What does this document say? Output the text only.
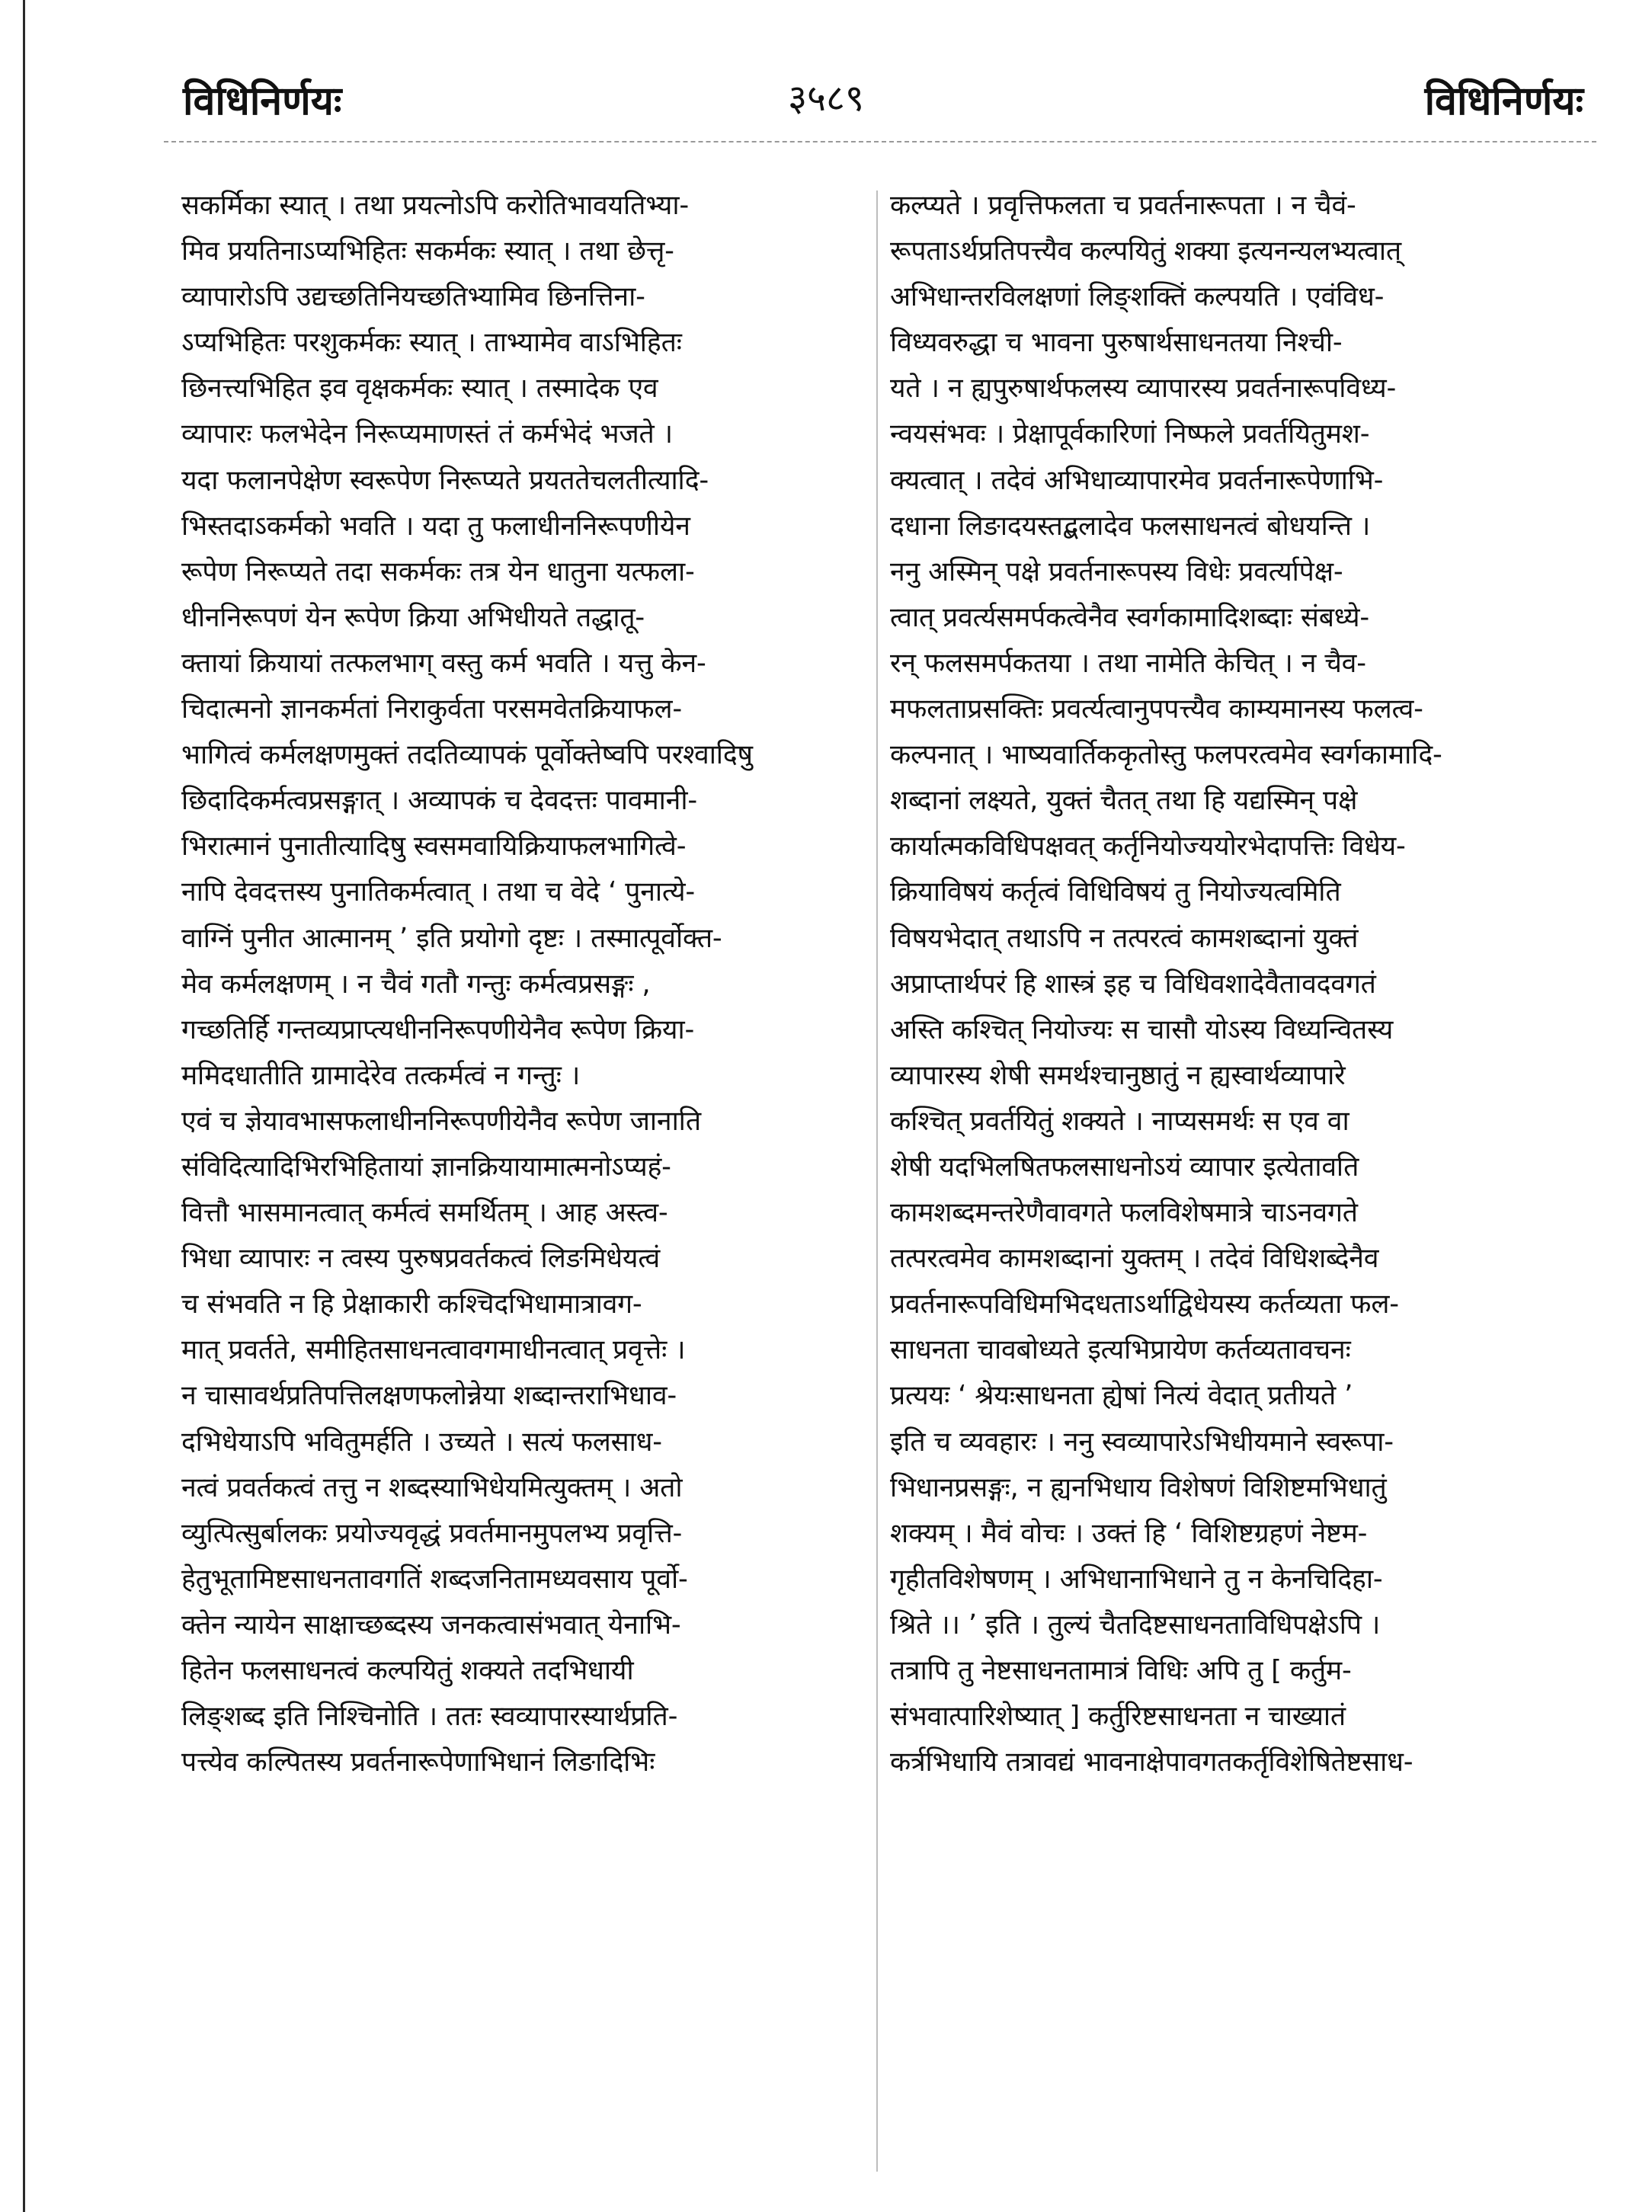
विधिनिर्णयः	३५८९	विधिनिर्णयः
सकर्मिका स्यात् । तथा प्रयत्नोऽपि करोतिभावयतिभ्या-
मिव प्रयतिनाऽप्यभिहितः सकर्मकः स्यात् । तथा छेत्तृ-
व्यापारोऽपि उद्यच्छतिनियच्छतिभ्यामिव छिनत्तिना-
ऽप्यभिहितः परशुकर्मकः स्यात् । ताभ्यामेव वाऽभिहितः
छिनत्त्यभिहित इव वृक्षकर्मकः स्यात् । तस्मादेक एव
व्यापारः फलभेदेन निरूप्यमाणस्तं तं कर्मभेदं भजते ।
यदा फलानपेक्षेण स्वरूपेण निरूप्यते प्रयततेचलतीत्यादि-
भिस्तदाऽकर्मको भवति । यदा तु फलाधीननिरूपणीयेन
रूपेण निरूप्यते तदा सकर्मकः तत्र येन धातुना यत्फला-
धीननिरूपणं येन रूपेण क्रिया अभिधीयते तद्धातू-
क्तायां क्रियायां तत्फलभाग् वस्तु कर्म भवति । यत्तु केन-
चिदात्मनो ज्ञानकर्मतां निराकुर्वता परसमवेतक्रियाफल-
भागित्वं कर्मलक्षणमुक्तं तदतिव्यापकं पूर्वोक्तेष्वपि परश्वादिषु
छिदादिकर्मत्वप्रसङ्गात् । अव्यापकं च देवदत्तः पावमानी-
भिरात्मानं पुनातीत्यादिषु स्वसमवायिक्रियाफलभागित्वे-
नापि देवदत्तस्य पुनातिकर्मत्वात् । तथा च वेदे ‘ पुनात्ये-
वाग्निं पुनीत आत्मानम् ’ इति प्रयोगो दृष्टः । तस्मात्पूर्वोक्त-
मेव कर्मलक्षणम् । न चैवं गतौ गन्तुः कर्मत्वप्रसङ्गः ,
गच्छतिर्हि गन्तव्यप्राप्त्यधीननिरूपणीयेनैव रूपेण क्रिया-
ममिदधातीति ग्रामादेरेव तत्कर्मत्वं न गन्तुः ।
एवं च ज्ञेयावभासफलाधीननिरूपणीयेनैव रूपेण जानाति
संविदित्यादिभिरभिहितायां ज्ञानक्रियायामात्मनोऽप्यहं-
वित्तौ भासमानत्वात् कर्मत्वं समर्थितम् । आह अस्त्व-
भिधा व्यापारः न त्वस्य पुरुषप्रवर्तकत्वं लिङमिधेयत्वं
च संभवति न हि प्रेक्षाकारी कश्चिदभिधामात्रावग-
मात् प्रवर्तते, समीहितसाधनत्वावगमाधीनत्वात् प्रवृत्तेः ।
न चासावर्थप्रतिपत्तिलक्षणफलोन्नेया शब्दान्तराभिधाव-
दभिधेयाऽपि भवितुमर्हति । उच्यते । सत्यं फलसाध-
नत्वं प्रवर्तकत्वं तत्तु न शब्दस्याभिधेयमित्युक्तम् । अतो
व्युत्पित्सुर्बालकः प्रयोज्यवृद्धं प्रवर्तमानमुपलभ्य प्रवृत्ति-
हेतुभूतामिष्टसाधनतावगतिं शब्दजनितामध्यवसाय पूर्वो-
क्तेन न्यायेन साक्षाच्छब्दस्य जनकत्वासंभवात् येनाभि-
हितेन फलसाधनत्वं कल्पयितुं शक्यते तदभिधायी
लिङ्शब्द इति निश्चिनोति । ततः स्वव्यापारस्यार्थप्रति-
पत्त्येव कल्पितस्य प्रवर्तनारूपेणाभिधानं लिङादिभिः
कल्प्यते । प्रवृत्तिफलता च प्रवर्तनारूपता । न चैवं-
रूपताऽर्थप्रतिपत्त्यैव कल्पयितुं शक्या इत्यनन्यलभ्यत्वात्
अभिधान्तरविलक्षणां लिङ्शक्तिं कल्पयति । एवंविध-
विध्यवरुद्धा च भावना पुरुषार्थसाधनतया निश्ची-
यते । न ह्यपुरुषार्थफलस्य व्यापारस्य प्रवर्तनारूपविध्य-
न्वयसंभवः । प्रेक्षापूर्वकारिणां निष्फले प्रवर्तयितुमश-
क्यत्वात् । तदेवं अभिधाव्यापारमेव प्रवर्तनारूपेणाभि-
दधाना लिङादयस्तद्बलादेव फलसाधनत्वं बोधयन्ति ।
ननु अस्मिन् पक्षे प्रवर्तनारूपस्य विधेः प्रवर्त्यापेक्ष-
त्वात् प्रवर्त्यसमर्पकत्वेनैव स्वर्गकामादिशब्दाः संबध्ये-
रन् फलसमर्पकतया । तथा नामेति केचित् । न चैव-
मफलताप्रसक्तिः प्रवर्त्यत्वानुपपत्त्यैव काम्यमानस्य फलत्व-
कल्पनात् । भाष्यवार्तिककृतोस्तु फलपरत्वमेव स्वर्गकामादि-
शब्दानां लक्ष्यते, युक्तं चैतत् तथा हि यद्यस्मिन् पक्षे
कार्यात्मकविधिपक्षवत् कर्तृनियोज्ययोरभेदापत्तिः विधेय-
क्रियाविषयं कर्तृत्वं विधिविषयं तु नियोज्यत्वमिति
विषयभेदात् तथाऽपि न तत्परत्वं कामशब्दानां युक्तं
अप्राप्तार्थपरं हि शास्त्रं इह च विधिवशादेवैतावदवगतं
अस्ति कश्चित् नियोज्यः स चासौ योऽस्य विध्यन्वितस्य
व्यापारस्य शेषी समर्थश्चानुष्ठातुं न ह्यस्वार्थव्यापारे
कश्चित् प्रवर्तयितुं शक्यते । नाप्यसमर्थः स एव वा
शेषी यदभिलषितफलसाधनोऽयं व्यापार इत्येतावति
कामशब्दमन्तरेणैवावगते फलविशेषमात्रे चाऽनवगते
तत्परत्वमेव कामशब्दानां युक्तम् । तदेवं विधिशब्देनैव
प्रवर्तनारूपविधिमभिदधताऽर्थाद्विधेयस्य कर्तव्यता फल-
साधनता चावबोध्यते इत्यभिप्रायेण कर्तव्यतावचनः
प्रत्ययः ‘ श्रेयःसाधनता ह्येषां नित्यं वेदात् प्रतीयते ’
इति च व्यवहारः । ननु स्वव्यापारेऽभिधीयमाने स्वरूपा-
भिधानप्रसङ्गः, न ह्यनभिधाय विशेषणं विशिष्टमभिधातुं
शक्यम् । मैवं वोचः । उक्तं हि ‘ विशिष्टग्रहणं नेष्टम-
गृहीतविशेषणम् । अभिधानाभिधाने तु न केनचिदिहा-
श्रिते ।। ’ इति । तुल्यं चैतदिष्टसाधनताविधिपक्षेऽपि ।
तत्रापि तु नेष्टसाधनतामात्रं विधिः अपि तु [ कर्तुम-
संभवात्पारिशेष्यात् ] कर्तुरिष्टसाधनता न चाख्यातं
कर्त्रभिधायि तत्रावद्यं भावनाक्षेपावगतकर्तृविशेषितेष्टसाध-
